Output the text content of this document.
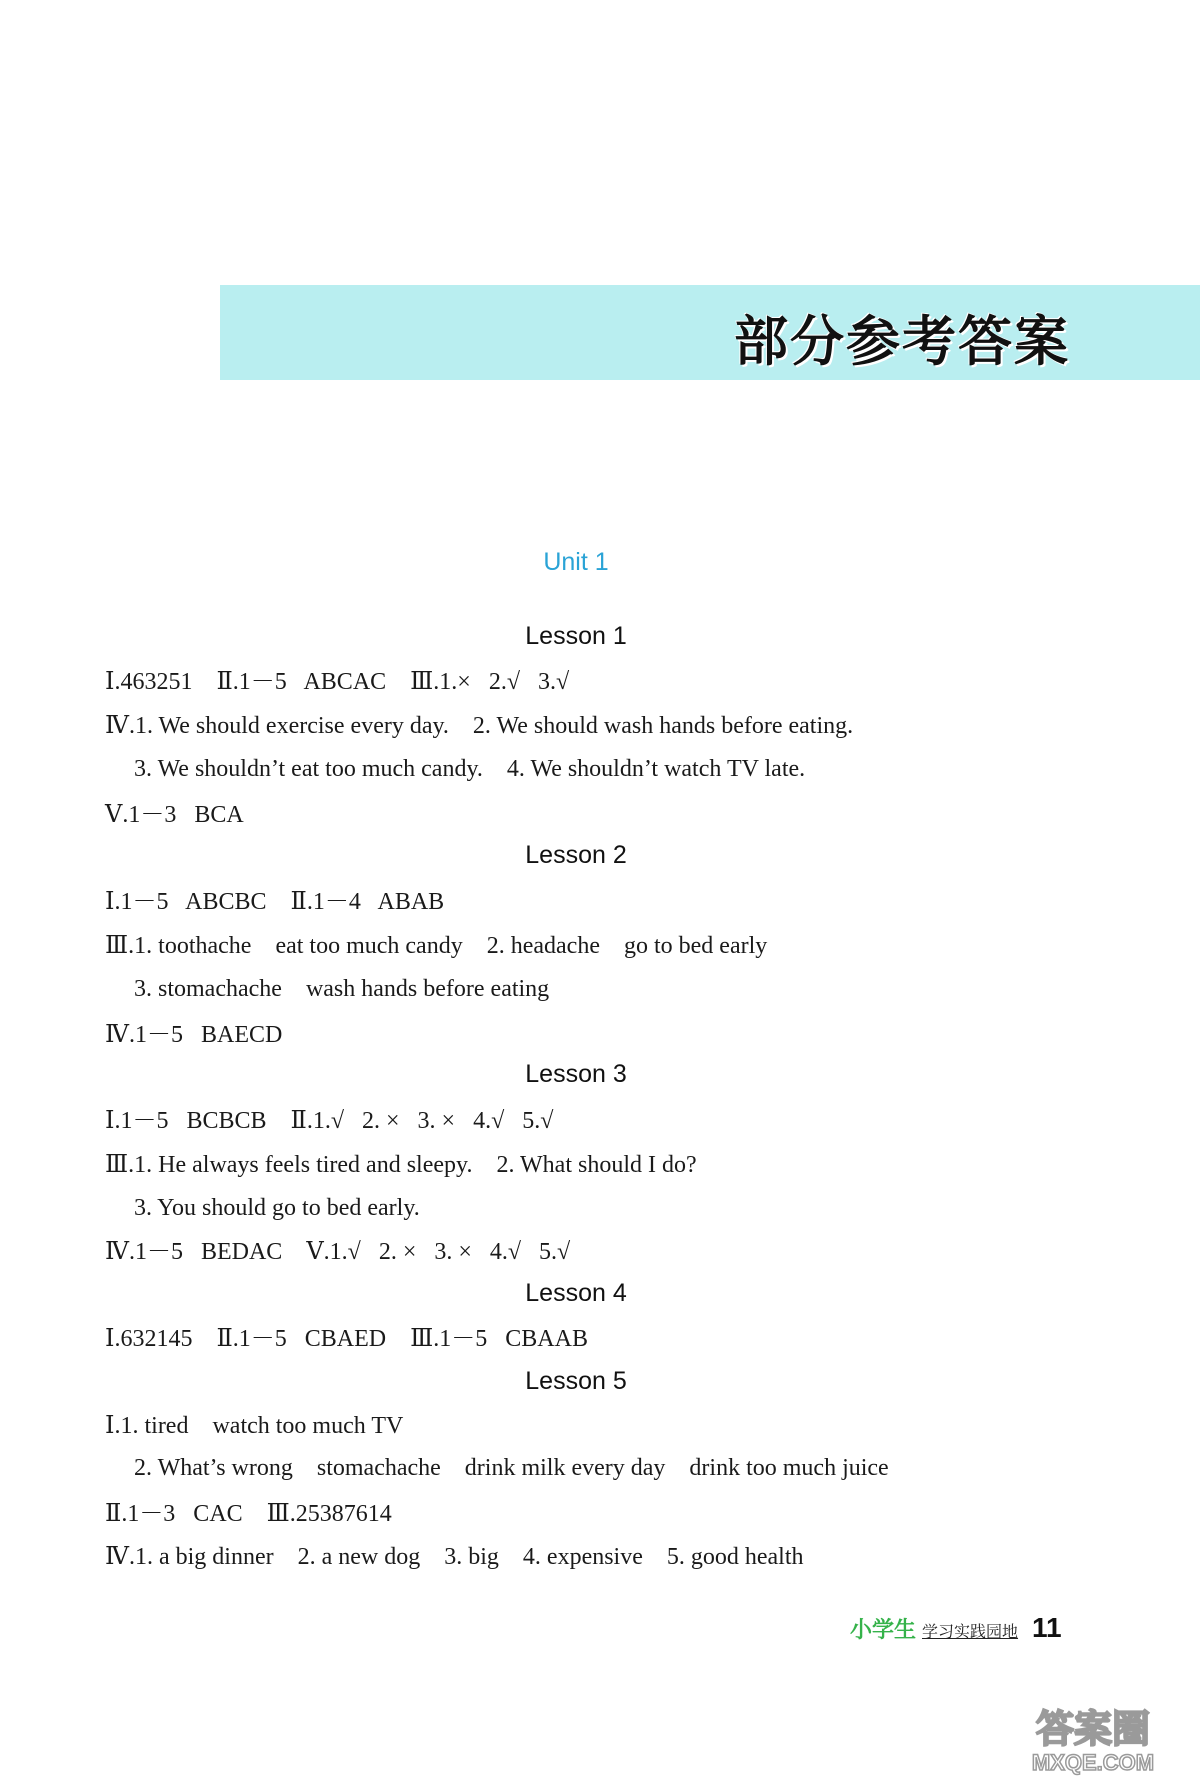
部分参考答案
Unit 1
Lesson 1
Ⅰ.463251    Ⅱ.1－5   ABCAC    Ⅲ.1.×   2.√   3.√
Ⅳ.1. We should exercise every day.    2. We should wash hands before eating.
3. We shouldn’t eat too much candy.    4. We shouldn’t watch TV late.
Ⅴ.1－3   BCA
Lesson 2
Ⅰ.1－5   ABCBC    Ⅱ.1－4   ABAB
Ⅲ.1. toothache    eat too much candy    2. headache    go to bed early
3. stomachache    wash hands before eating
Ⅳ.1－5   BAECD
Lesson 3
Ⅰ.1－5   BCBCB    Ⅱ.1.√   2. ×   3. ×   4.√   5.√
Ⅲ.1. He always feels tired and sleepy.    2. What should I do?
3. You should go to bed early.
Ⅳ.1－5   BEDAC    Ⅴ.1.√   2. ×   3. ×   4.√   5.√
Lesson 4
Ⅰ.632145    Ⅱ.1－5   CBAED    Ⅲ.1－5   CBAAB
Lesson 5
Ⅰ.1. tired    watch too much TV
2. What’s wrong    stomachache    drink milk every day    drink too much juice
Ⅱ.1－3   CAC    Ⅲ.25387614
Ⅳ.1. a big dinner    2. a new dog    3. big    4. expensive    5. good health
小学生 学习实践园地 11
答案圈
MXQE.COM
